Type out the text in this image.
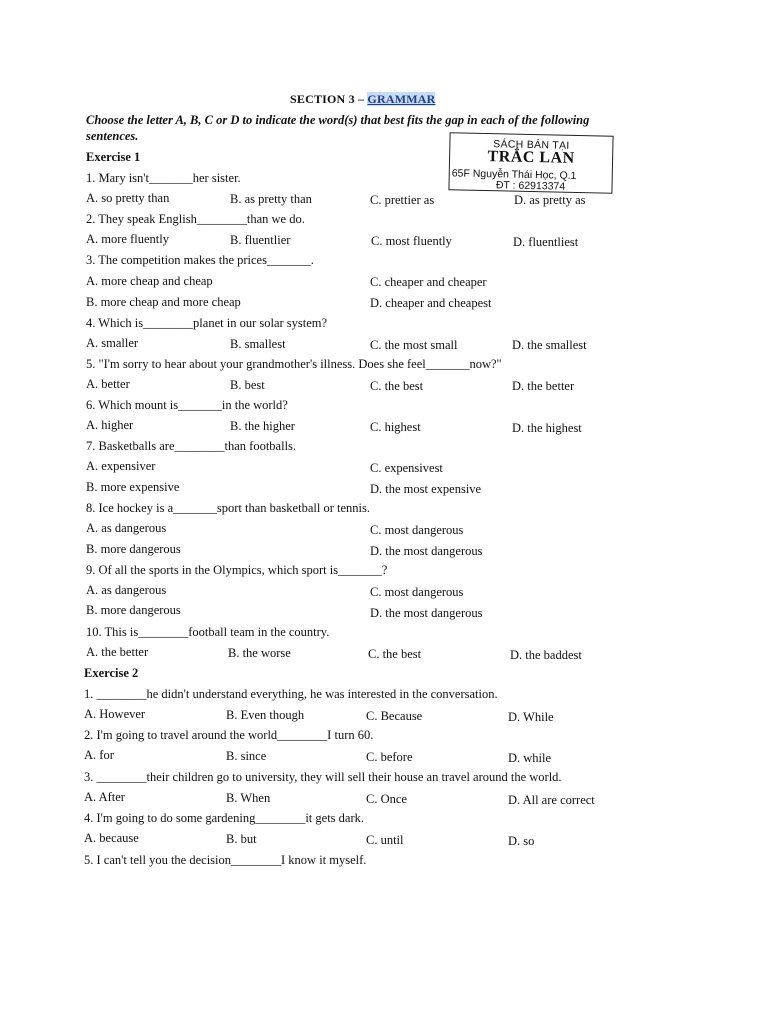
SECTION 3 – GRAMMAR
Choose the letter A, B, C or D to indicate the word(s) that best fits the gap in each of the following sentences.
SÁCH BÁN TẠI
TRẮC LAN
65F Nguyễn Thái Học, Q.1
ĐT : 62913374
Exercise 1
1. Mary isn't_______her sister.
A. so pretty than	B. as pretty than	C. prettier as	D. as pretty as
2. They speak English________than we do.
A. more fluently	B. fluentlier	C. most fluently	D. fluentliest
3. The competition makes the prices_______.
A. more cheap and cheap	C. cheaper and cheaper
B. more cheap and more cheap	D. cheaper and cheapest
4. Which is________planet in our solar system?
A. smaller	B. smallest	C. the most small	D. the smallest
5. "I'm sorry to hear about your grandmother's illness. Does she feel_______now?"
A. better	B. best	C. the best	D. the better
6. Which mount is_______in the world?
A. higher	B. the higher	C. highest	D. the highest
7. Basketballs are________than footballs.
A. expensiver	C. expensivest
B. more expensive	D. the most expensive
8. Ice hockey is a_______sport than basketball or tennis.
A. as dangerous	C. most dangerous
B. more dangerous	D. the most dangerous
9. Of all the sports in the Olympics, which sport is_______?
A. as dangerous	C. most dangerous
B. more dangerous	D. the most dangerous
10. This is________football team in the country.
A. the better	B. the worse	C. the best	D. the baddest
Exercise 2
1. ________he didn't understand everything, he was interested in the conversation.
A. However	B. Even though	C. Because	D. While
2. I'm going to travel around the world________I turn 60.
A. for	B. since	C. before	D. while
3. ________their children go to university, they will sell their house an travel around the world.
A. After	B. When	C. Once	D. All are correct
4. I'm going to do some gardening________it gets dark.
A. because	B. but	C. until	D. so
5. I can't tell you the decision________I know it myself.
